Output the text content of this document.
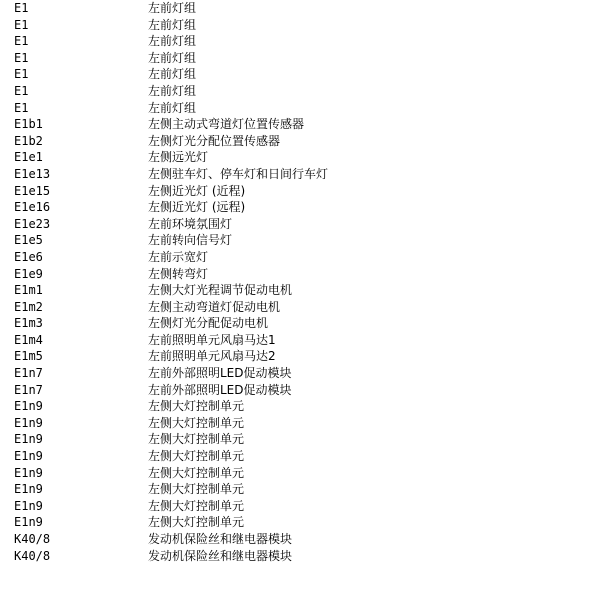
E1	左前灯组
E1	左前灯组
E1	左前灯组
E1	左前灯组
E1	左前灯组
E1	左前灯组
E1	左前灯组
E1b1	左侧主动式弯道灯位置传感器
E1b2	左侧灯光分配位置传感器
E1e1	左侧远光灯
E1e13	左侧驻车灯、停车灯和日间行车灯
E1e15	左侧近光灯 (近程)
E1e16	左侧近光灯 (远程)
E1e23	左前环境氛围灯
E1e5	左前转向信号灯
E1e6	左前示宽灯
E1e9	左侧转弯灯
E1m1	左侧大灯光程调节促动电机
E1m2	左侧主动弯道灯促动电机
E1m3	左侧灯光分配促动电机
E1m4	左前照明单元风扇马达1
E1m5	左前照明单元风扇马达2
E1n7	左前外部照明LED促动模块
E1n7	左前外部照明LED促动模块
E1n9	左侧大灯控制单元
E1n9	左侧大灯控制单元
E1n9	左侧大灯控制单元
E1n9	左侧大灯控制单元
E1n9	左侧大灯控制单元
E1n9	左侧大灯控制单元
E1n9	左侧大灯控制单元
E1n9	左侧大灯控制单元
K40/8	发动机保险丝和继电器模块
K40/8	发动机保险丝和继电器模块
